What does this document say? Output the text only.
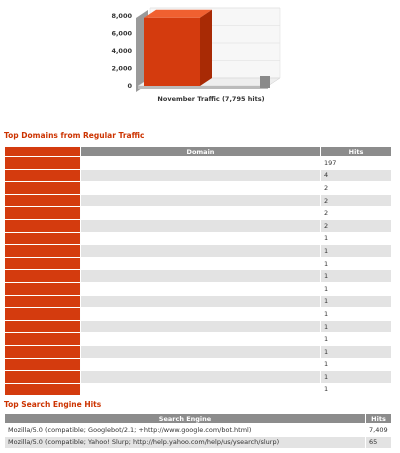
8,000
6,000
4,000
2,000
0
November Traffic (7,795 hits)
Top Domains from Regular Traffic
	Domain	Hits
		197
		4
		2
		2
		2
		2
		1
		1
		1
		1
		1
		1
		1
		1
		1
		1
		1
		1
		1
Top Search Engine Hits
Search Engine	Hits
Mozilla/5.0 (compatible; Googlebot/2.1; +http://www.google.com/bot.html)	7,409
Mozilla/5.0 (compatible; Yahoo! Slurp; http://help.yahoo.com/help/us/ysearch/slurp)	65
